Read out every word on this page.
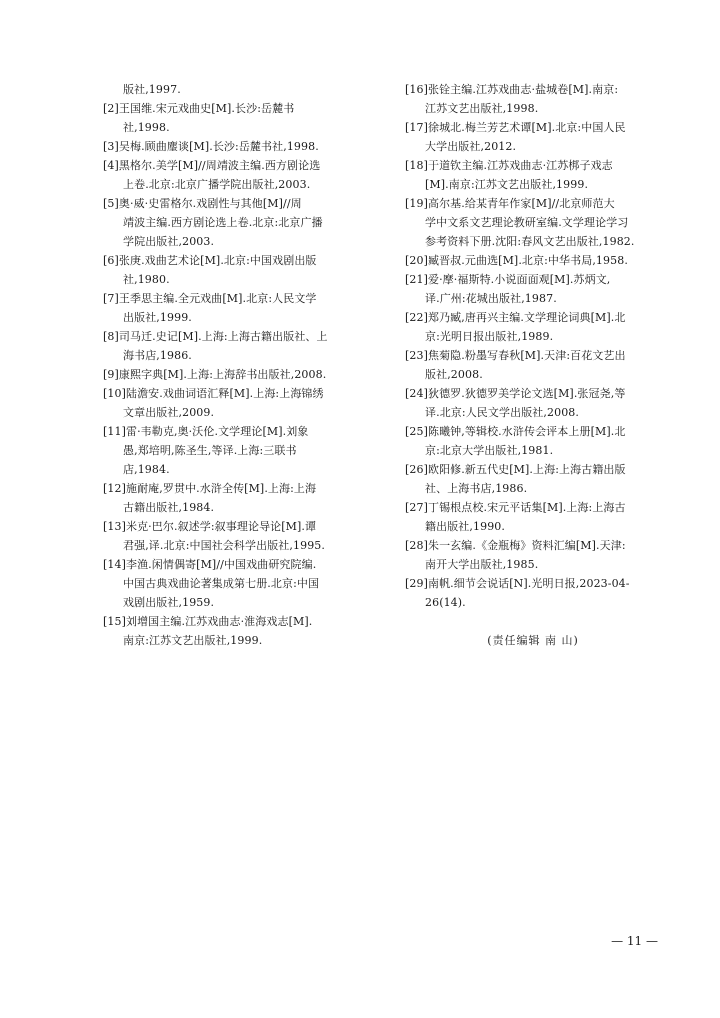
版社,1997.
[2]王国维.宋元戏曲史[M].长沙:岳麓书
社,1998.
[3]吴梅.顾曲麈谈[M].长沙:岳麓书社,1998.
[4]黑格尔.美学[M]//周靖波主编.西方剧论选
上卷.北京:北京广播学院出版社,2003.
[5]奥·威·史雷格尔.戏剧性与其他[M]//周
靖波主编.西方剧论选上卷.北京:北京广播
学院出版社,2003.
[6]张庚.戏曲艺术论[M].北京:中国戏剧出版
社,1980.
[7]王季思主编.全元戏曲[M].北京:人民文学
出版社,1999.
[8]司马迁.史记[M].上海:上海古籍出版社、上
海书店,1986.
[9]康熙字典[M].上海:上海辞书出版社,2008.
[10]陆澹安.戏曲词语汇释[M].上海:上海锦绣
文章出版社,2009.
[11]雷·韦勒克,奥·沃伦.文学理论[M].刘象
愚,郑培明,陈圣生,等译.上海:三联书
店,1984.
[12]施耐庵,罗贯中.水浒全传[M].上海:上海
古籍出版社,1984.
[13]米克·巴尔.叙述学:叙事理论导论[M].谭
君强,译.北京:中国社会科学出版社,1995.
[14]李渔.闲情偶寄[M]//中国戏曲研究院编.
中国古典戏曲论著集成第七册.北京:中国
戏剧出版社,1959.
[15]刘增国主编.江苏戏曲志·淮海戏志[M].
南京:江苏文艺出版社,1999.
[16]张铨主编.江苏戏曲志·盐城卷[M].南京:
江苏文艺出版社,1998.
[17]徐城北.梅兰芳艺术谭[M].北京:中国人民
大学出版社,2012.
[18]于道钦主编.江苏戏曲志·江苏梆子戏志
[M].南京:江苏文艺出版社,1999.
[19]高尔基.给某青年作家[M]//北京师范大
学中文系文艺理论教研室编.文学理论学习
参考资料下册.沈阳:春风文艺出版社,1982.
[20]臧晋叔.元曲选[M].北京:中华书局,1958.
[21]爱·摩·福斯特.小说面面观[M].苏炳文,
译.广州:花城出版社,1987.
[22]郑乃臧,唐再兴主编.文学理论词典[M].北
京:光明日报出版社,1989.
[23]焦菊隐.粉墨写春秋[M].天津:百花文艺出
版社,2008.
[24]狄德罗.狄德罗美学论文选[M].张冠尧,等
译.北京:人民文学出版社,2008.
[25]陈曦钟,等辑校.水浒传会评本上册[M].北
京:北京大学出版社,1981.
[26]欧阳修.新五代史[M].上海:上海古籍出版
社、上海书店,1986.
[27]丁锡根点校.宋元平话集[M].上海:上海古
籍出版社,1990.
[28]朱一玄编.《金瓶梅》资料汇编[M].天津:
南开大学出版社,1985.
[29]南帆.细节会说话[N].光明日报,2023-04-
26(14).
(责任编辑 南 山)
— 11 —
